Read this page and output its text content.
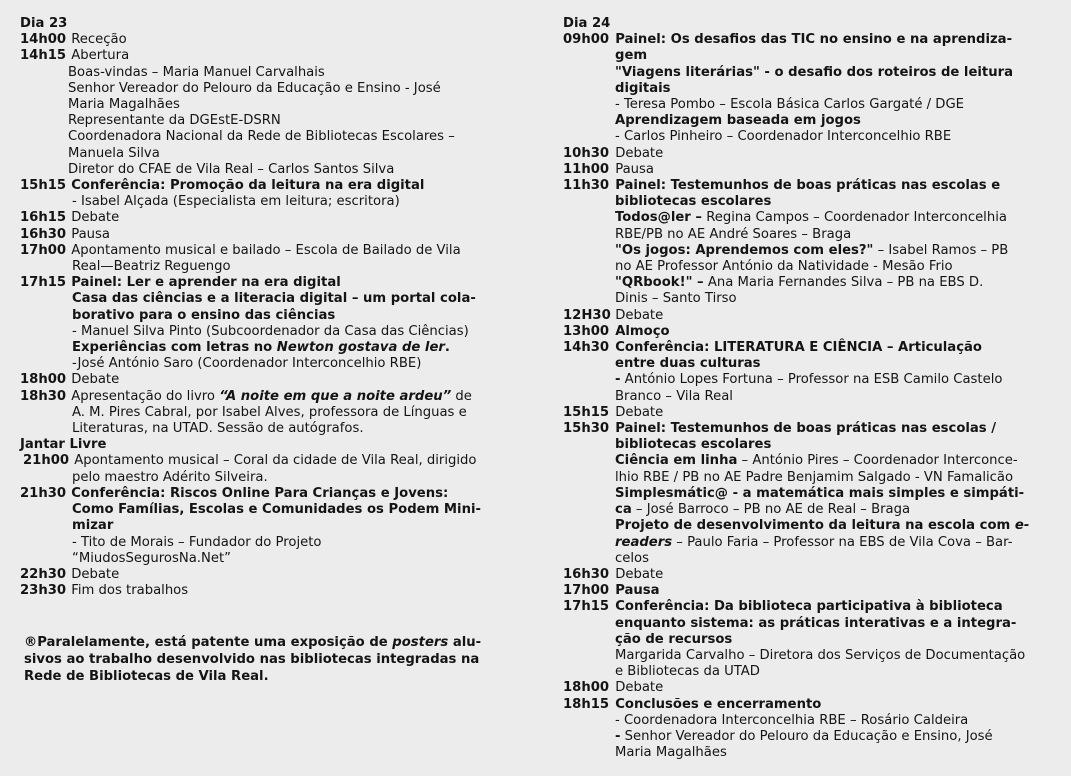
Dia 23
14h00 Receção
14h15 Abertura
Boas-vindas – Maria Manuel Carvalhais
Senhor Vereador do Pelouro da Educação e Ensino - José
Maria Magalhães
Representante da DGEstE-DSRN
Coordenadora Nacional da Rede de Bibliotecas Escolares –
Manuela Silva
Diretor do CFAE de Vila Real – Carlos Santos Silva
15h15 Conferência: Promoção da leitura na era digital
- Isabel Alçada (Especialista em leitura; escritora)
16h15 Debate
16h30 Pausa
17h00 Apontamento musical e bailado – Escola de Bailado de Vila
Real—Beatriz Reguengo
17h15 Painel: Ler e aprender na era digital
Casa das ciências e a literacia digital – um portal cola-
borativo para o ensino das ciências
- Manuel Silva Pinto (Subcoordenador da Casa das Ciências)
Experiências com letras no Newton gostava de ler.
-José António Saro (Coordenador Interconcelhio RBE)
18h00 Debate
18h30 Apresentação do livro “A noite em que a noite ardeu” de
A. M. Pires Cabral, por Isabel Alves, professora de Línguas e
Literaturas, na UTAD. Sessão de autógrafos.
Jantar Livre
21h00 Apontamento musical – Coral da cidade de Vila Real, dirigido
pelo maestro Adérito Silveira.
21h30 Conferência: Riscos Online Para Crianças e Jovens:
Como Famílias, Escolas e Comunidades os Podem Mini-
mizar
- Tito de Morais – Fundador do Projeto
“MiudosSegurosNa.Net”
22h30 Debate
23h30 Fim dos trabalhos
®Paralelamente, está patente uma exposição de posters alu-
sivos ao trabalho desenvolvido nas bibliotecas integradas na
Rede de Bibliotecas de Vila Real.
Dia 24
09h00 Painel: Os desafios das TIC no ensino e na aprendiza-
gem
"Viagens literárias" - o desafio dos roteiros de leitura
digitais
- Teresa Pombo – Escola Básica Carlos Gargaté / DGE
Aprendizagem baseada em jogos
- Carlos Pinheiro – Coordenador Interconcelhio RBE
10h30 Debate
11h00 Pausa
11h30 Painel: Testemunhos de boas práticas nas escolas e
bibliotecas escolares
Todos@ler – Regina Campos – Coordenador Interconcelhia
RBE/PB no AE André Soares – Braga
"Os jogos: Aprendemos com eles?" – Isabel Ramos – PB
no AE Professor António da Natividade - Mesão Frio
"QRbook!" – Ana Maria Fernandes Silva – PB na EBS D.
Dinis – Santo Tirso
12H30 Debate
13h00 Almoço
14h30 Conferência: LITERATURA E CIÊNCIA – Articulação
entre duas culturas
- António Lopes Fortuna – Professor na ESB Camilo Castelo
Branco – Vila Real
15h15 Debate
15h30 Painel: Testemunhos de boas práticas nas escolas /
bibliotecas escolares
Ciência em linha – António Pires – Coordenador Interconce-
lhio RBE / PB no AE Padre Benjamim Salgado - VN Famalicão
Simplesmátic@ - a matemática mais simples e simpáti-
ca – José Barroco – PB no AE de Real – Braga
Projeto de desenvolvimento da leitura na escola com e-
readers – Paulo Faria – Professor na EBS de Vila Cova – Bar-
celos
16h30 Debate
17h00 Pausa
17h15 Conferência: Da biblioteca participativa à biblioteca
enquanto sistema: as práticas interativas e a integra-
ção de recursos
Margarida Carvalho – Diretora dos Serviços de Documentação
e Bibliotecas da UTAD
18h00 Debate
18h15 Conclusões e encerramento
- Coordenadora Interconcelhia RBE – Rosário Caldeira
- Senhor Vereador do Pelouro da Educação e Ensino, José
Maria Magalhães
